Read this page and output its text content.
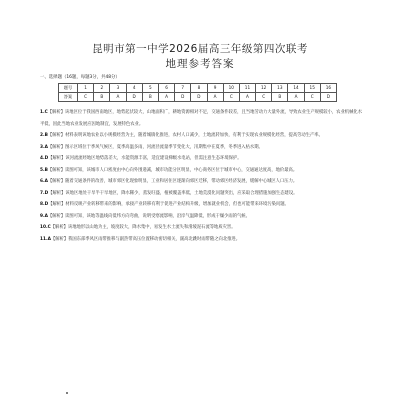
昆明市第一中学2026届高三年级第四次联考
地理参考答案
一、选择题（16题，每题3分，共48分）
题号	1	2	3	4	5	6	7	8	9	10	11	12	13	14	15	16
答案	C	B	A	D	B	A	D	D	A	C	A	C	B	A	C	D

1.C【解析】该地区位于我国西南地区，地势起伏较大，山地面积广，耕地资源相对不足，交通条件较差，且当地劳动力大量外流，导致农业生产规模较小，农业机械化水平低，因此当地农业发展应因地制宜，发展特色农业。

2.B【解析】材料表明该地农业以小规模经营为主，随着城镇化推进，农村人口减少，土地流转加快，有利于实现农业规模化经营，提高劳动生产率。

3.A【解析】图示区域位于季风气候区，夏季高温多雨，河流径流量季节变化大，汛期集中在夏季，冬季进入枯水期。

4.D【解析】该河流流经地区地势落差大，水能资源丰富，适宜建设梯级水电站，但需注意生态环境保护。

5.B【解析】读图可知，该城市人口密度由中心向外围递减，城市功能分区明显，中心商务区位于城市中心，交通通达度高，地价最高。

6.A【解析】随着交通条件的改善，城市郊区化现象明显，工业和居住区逐渐向郊区迁移，带动郊区经济发展，缓解中心城区人口压力。

7.D【解析】该地区地处干旱半干旱地区，降水稀少，蒸发旺盛，植被覆盖率低，土地荒漠化问题突出，应采取合理措施加强生态建设。

8.D【解析】材料反映产业转移带来的影响，承接产业转移有利于促进产业结构升级，增加就业机会，但也可能带来环境污染问题。

9.A【解析】读图可知，该地等温线向低纬方向弯曲，说明受寒流影响，沿岸气温降低，形成干燥少雨的气候。

10.C【解析】该地地形以山地为主，坡度较大，降水集中，易发生水土流失和滑坡泥石流等地质灾害。

11.A【解析】我国东部季风区雨带推移与副热带高压位置移动密切相关，副高北跳时雨带随之向北推进。
